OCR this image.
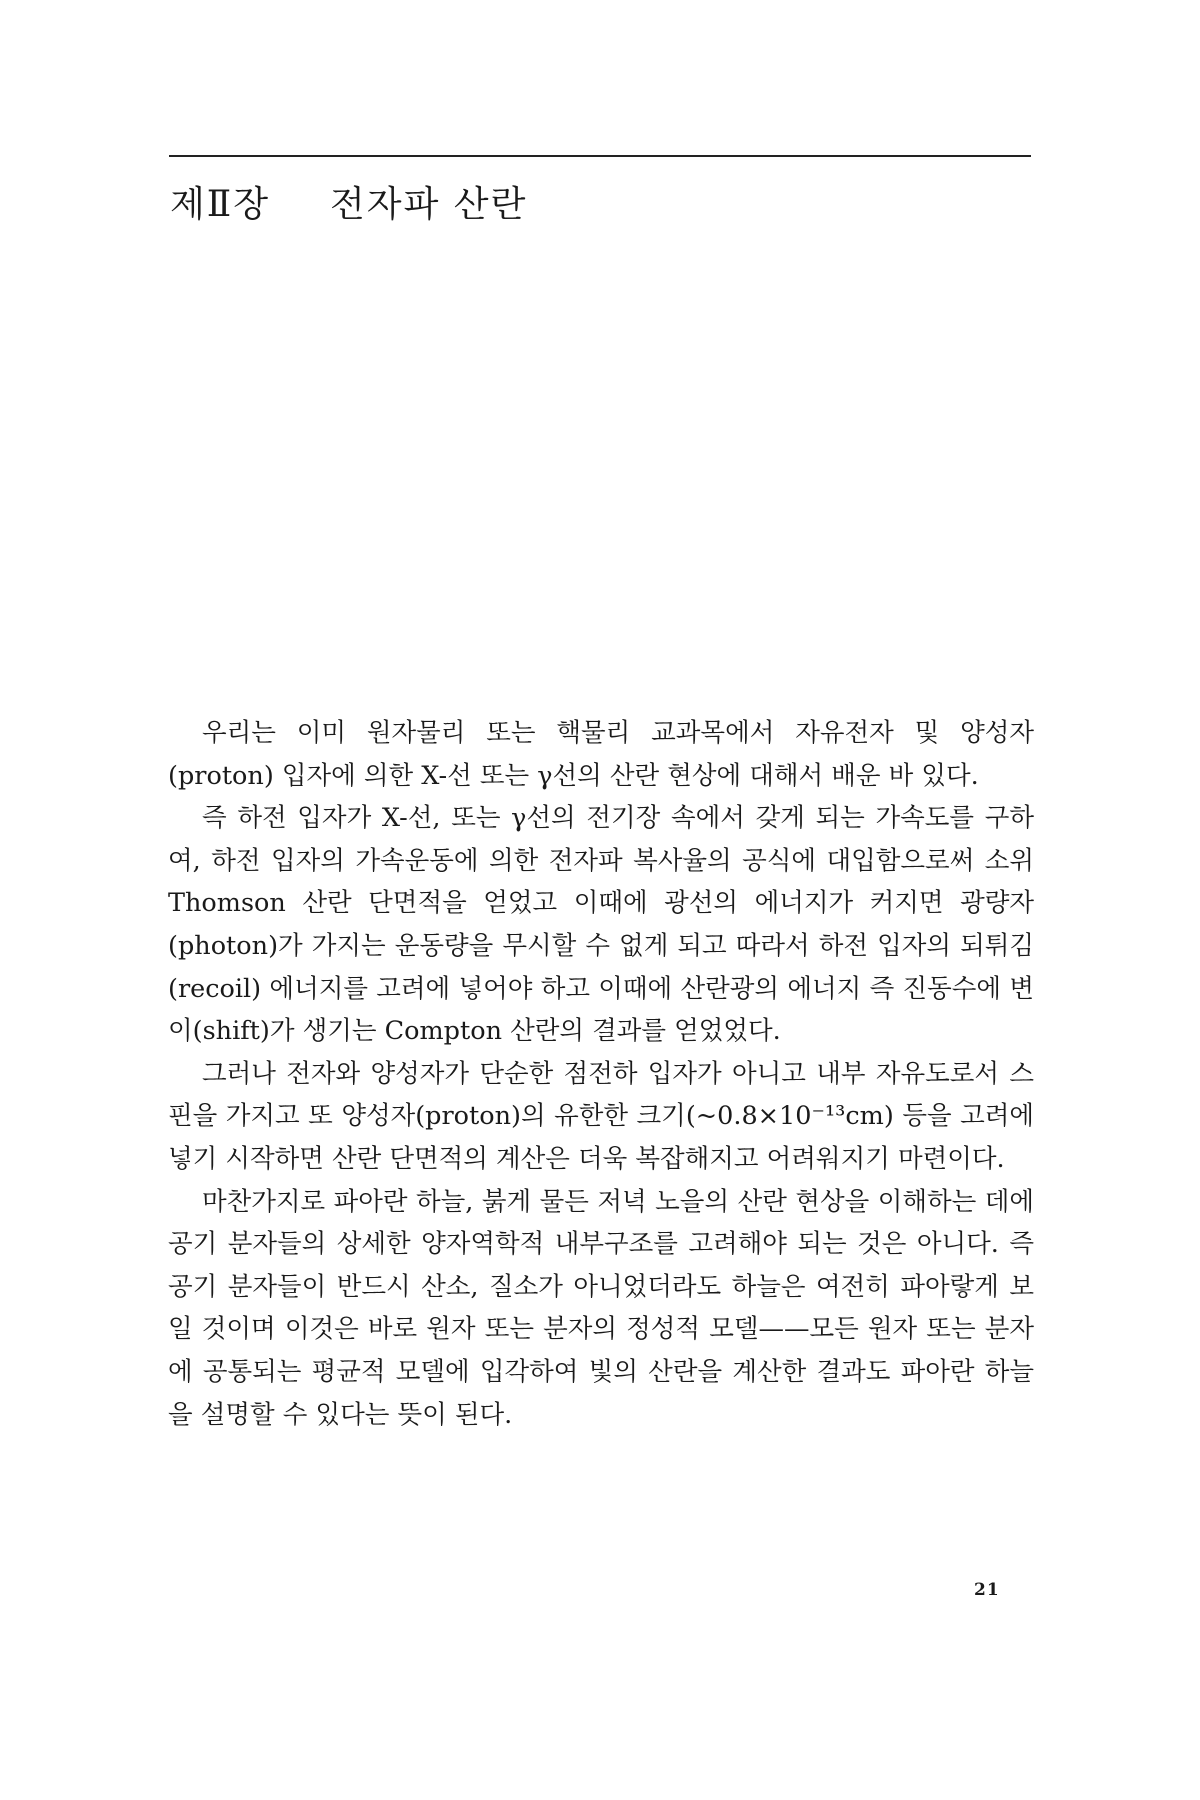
제Ⅱ장 전자파 산란

우리는 이미 원자물리 또는 핵물리 교과목에서 자유전자 및 양성자(proton) 입자에 의한 X-선 또는 γ선의 산란 현상에 대해서 배운 바 있다.

즉 하전 입자가 X-선, 또는 γ선의 전기장 속에서 갖게 되는 가속도를 구하여, 하전 입자의 가속운동에 의한 전자파 복사율의 공식에 대입함으로써 소위 Thomson 산란 단면적을 얻었고 이때에 광선의 에너지가 커지면 광량자(photon)가 가지는 운동량을 무시할 수 없게 되고 따라서 하전 입자의 되튀김(recoil) 에너지를 고려에 넣어야 하고 이때에 산란광의 에너지 즉 진동수에 변이(shift)가 생기는 Compton 산란의 결과를 얻었었다.

그러나 전자와 양성자가 단순한 점전하 입자가 아니고 내부 자유도로서 스핀을 가지고 또 양성자(proton)의 유한한 크기(~0.8×10⁻¹³cm) 등을 고려에 넣기 시작하면 산란 단면적의 계산은 더욱 복잡해지고 어려워지기 마련이다.

마찬가지로 파아란 하늘, 붉게 물든 저녁 노을의 산란 현상을 이해하는 데에 공기 분자들의 상세한 양자역학적 내부구조를 고려해야 되는 것은 아니다. 즉 공기 분자들이 반드시 산소, 질소가 아니었더라도 하늘은 여전히 파아랗게 보일 것이며 이것은 바로 원자 또는 분자의 정성적 모델——모든 원자 또는 분자에 공통되는 평균적 모델에 입각하여 빛의 산란을 계산한 결과도 파아란 하늘을 설명할 수 있다는 뜻이 된다.

21
